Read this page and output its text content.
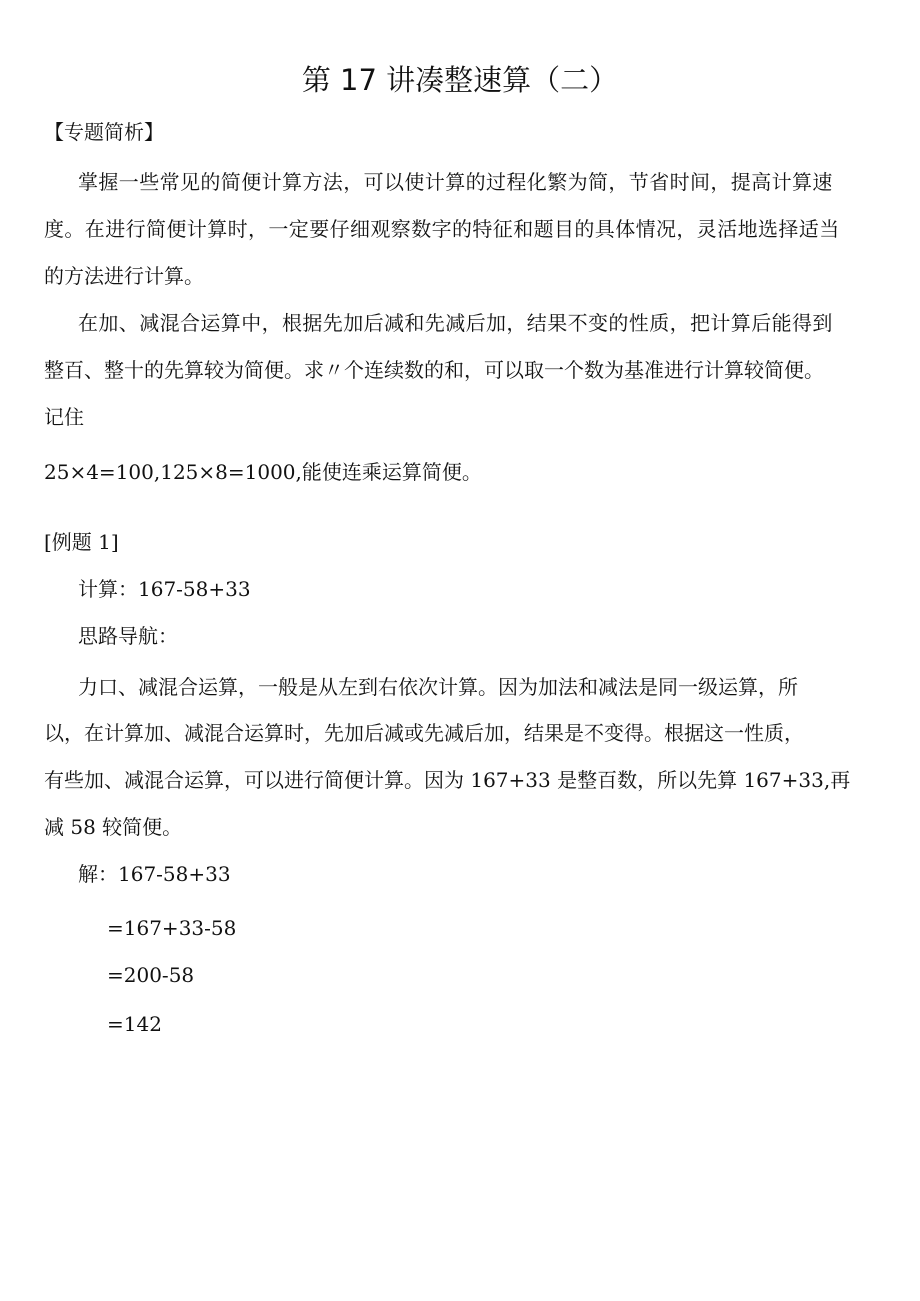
第 17 讲凑整速算（二）
【专题简析】
掌握一些常见的简便计算方法，可以使计算的过程化繁为简，节省时间，提高计算速
度。在进行简便计算时，一定要仔细观察数字的特征和题目的具体情况，灵活地选择适当
的方法进行计算。
在加、减混合运算中，根据先加后减和先减后加，结果不变的性质，把计算后能得到
整百、整十的先算较为简便。求〃个连续数的和，可以取一个数为基准进行计算较简便。
记住
25×4=100,125×8=1000,能使连乘运算简便。
[例题 1]
计算：167-58+33
思路导航：
力口、减混合运算，一般是从左到右依次计算。因为加法和减法是同一级运算，所
以，在计算加、减混合运算时，先加后减或先减后加，结果是不变得。根据这一性质，
有些加、减混合运算，可以进行简便计算。因为 167+33 是整百数，所以先算 167+33,再
减 58 较简便。
解：167-58+33
=167+33-58
=200-58
=142
